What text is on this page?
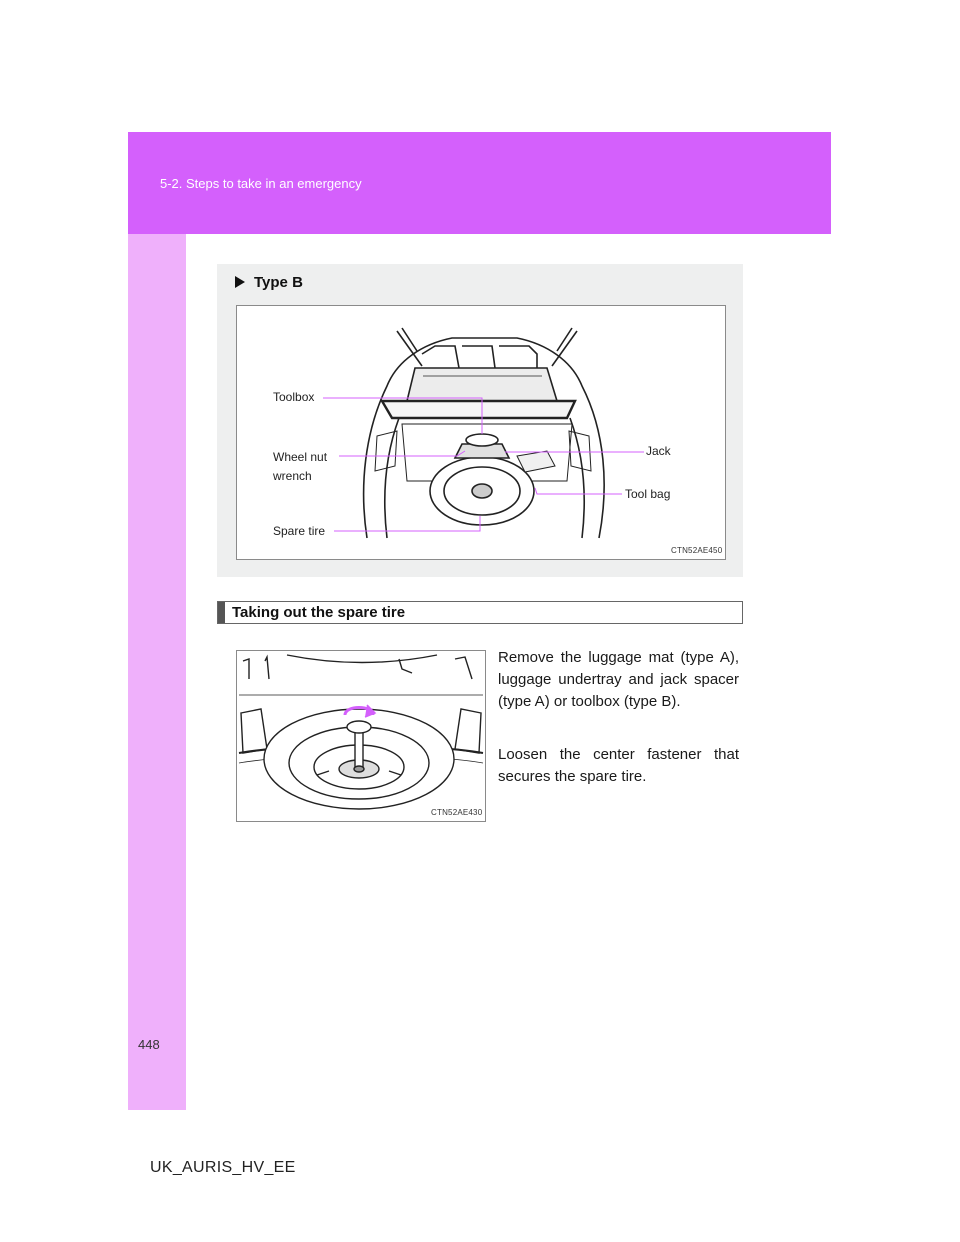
5-2. Steps to take in an emergency
Type B
Toolbox
Wheel nut
wrench
Spare tire
Jack
Tool bag
CTN52AE450
Taking out the spare tire
CTN52AE430
Remove the luggage mat (type A), luggage undertray and jack spacer (type A) or toolbox (type B).
Loosen the center fastener that secures the spare tire.
448
UK_AURIS_HV_EE
